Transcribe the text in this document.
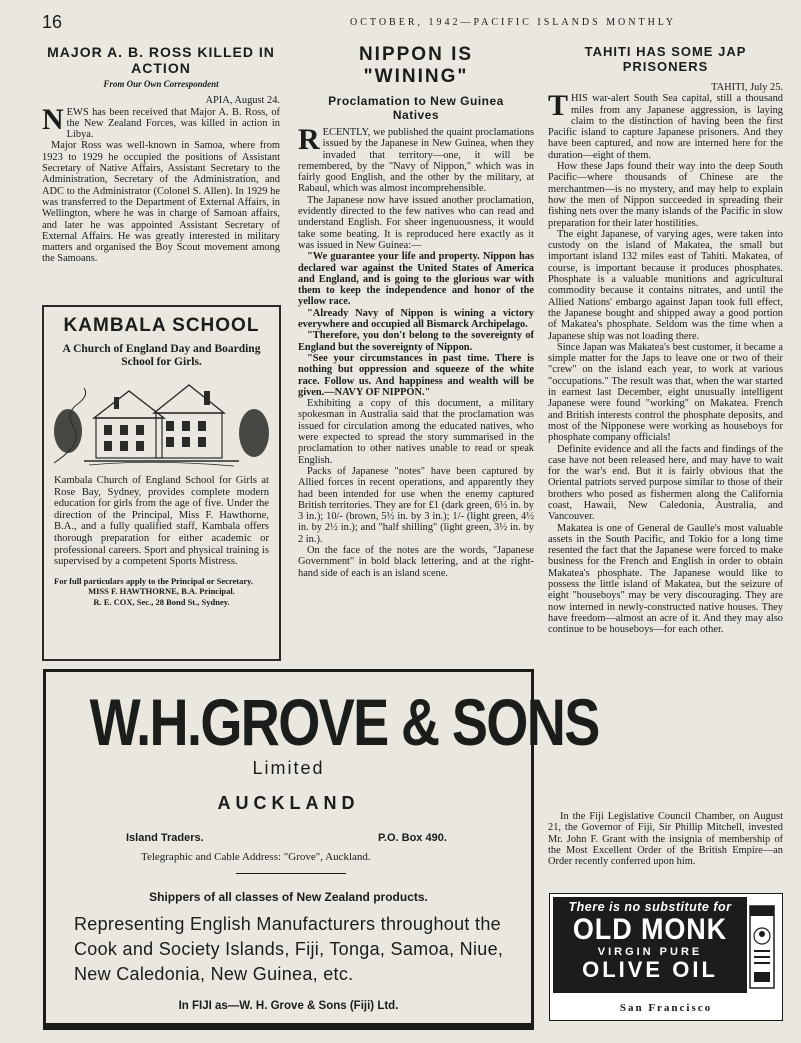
16	OCTOBER, 1942—PACIFIC ISLANDS MONTHLY
MAJOR A. B. ROSS KILLED IN ACTION
From Our Own Correspondent
APIA, August 24.

NEWS has been received that Major A. B. Ross, of the New Zealand Forces, was killed in action in Libya.

Major Ross was well-known in Samoa, where from 1923 to 1929 he occupied the positions of Assistant Secretary of Native Affairs, Assistant Secretary to the Administration, Secretary of the Administration, and ADC to the Administrator (Colonel S. Allen). In 1929 he was transferred to the Department of External Affairs, in Wellington, where he was in charge of Samoan affairs, and later he was appointed Assistant Secretary of External Affairs. He was greatly interested in military matters and organised the Boy Scout movement among the Samoans.

KAMBALA SCHOOL
A Church of England Day and Boarding School for Girls.
Kambala Church of England School for Girls at Rose Bay, Sydney, provides complete modern education for girls from the age of five. Under the direction of the Principal, Miss F. Hawthorne, B.A., and a fully qualified staff, Kambala offers thorough preparation for either academic or professional careers. Sport and physical training is supervised by a competent Sports Mistress.
For full particulars apply to the Principal or Secretary.
MISS F. HAWTHORNE, B.A. Principal.
R. E. COX, Sec., 28 Bond St., Sydney.
NIPPON IS "WINING"
Proclamation to New Guinea Natives

RECENTLY, we published the quaint proclamations issued by the Japanese in New Guinea, when they invaded that territory—one, it will be remembered, by the "Navy of Nippon," which was in fairly good English, and the other by the military, at Rabaul, which was almost incomprehensible.

The Japanese now have issued another proclamation, evidently directed to the few natives who can read and understand English. For sheer ingenuousness, it would take some beating. It is reproduced here exactly as it was issued in New Guinea:—

"We guarantee your life and property. Nippon has declared war against the United States of America and England, and is going to the glorious war with them to keep the independence and honor of the yellow race.

"Already Navy of Nippon is wining a victory everywhere and occupied all Bismarck Archipelago.

"Therefore, you don't belong to the sovereignty of England but the sovereignty of Nippon.

"See your circumstances in past time. There is nothing but oppression and squeeze of the white race. Follow us. And happiness and wealth will be given.—NAVY OF NIPPON."

Exhibiting a copy of this document, a military spokesman in Australia said that the proclamation was issued for circulation among the educated natives, who were expected to spread the story summarised in the proclamation to other natives unable to read or speak English.

Packs of Japanese "notes" have been captured by Allied forces in recent operations, and apparently they had been intended for use when the enemy captured British territories. They are for £1 (dark green, 6½ in. by 3 in.); 10/- (brown, 5½ in. by 3 in.); 1/- (light green, 4½ in. by 2½ in.); and "half shilling" (light green, 3½ in. by 2 in.).

On the face of the notes are the words, "Japanese Government" in bold black lettering, and at the right-hand side of each is an island scene.

TAHITI HAS SOME JAP PRISONERS
TAHITI, July 25.

THIS war-alert South Sea capital, still a thousand miles from any Japanese aggression, is laying claim to the distinction of having been the first Pacific island to capture Japanese prisoners. And they have been captured, and now are interned here for the duration—eight of them.

How these Japs found their way into the deep South Pacific—where thousands of Chinese are the merchantmen—is no mystery, and may help to explain how the men of Nippon succeeded in spreading their fishing nets over the many islands of the Pacific in slow preparation for their later hostilities.

The eight Japanese, of varying ages, were taken into custody on the island of Makatea, the small but important island 132 miles east of Tahiti. Makatea, of course, is important because it produces phosphates. Phosphate is a valuable munitions and agricultural commodity because it contains nitrates, and until the Allied Nations' embargo against Japan took full effect, the Japanese bought and shipped away a good portion of Makatea's phosphate. Seldom was the time when a Japanese ship was not loading there.

Since Japan was Makatea's best customer, it became a simple matter for the Japs to leave one or two of their "crew" on the island each year, to work at various "occupations." The result was that, when the war started in earnest last December, eight unusually intelligent Japanese were found "working" on Makatea. French and British interests control the phosphate deposits, and most of the Nipponese were working as houseboys for phosphate company officials!

Definite evidence and all the facts and findings of the case have not been released here, and may have to wait for the war's end. But it is fairly obvious that the Oriental patriots served purpose similar to those of their brothers who posed as fishermen along the California coast, Hawaii, New Caledonia, Australia, and Vancouver.

Makatea is one of General de Gaulle's most valuable assets in the South Pacific, and Tokio for a long time resented the fact that the Japanese were forced to make business for the French and English in order to obtain Makatea's phosphate. The Japanese would like to possess the little island of Makatea, but the seizure of eight "houseboys" may be very discouraging. They are now interned in newly-constructed native houses. They have freedom—almost an acre of it. And they may also continue to be houseboys—for each other.

In the Fiji Legislative Council Chamber, on August 21, the Governor of Fiji, Sir Phillip Mitchell, invested Mr. John F. Grant with the insignia of membership of the Most Excellent Order of the British Empire—an Order recently conferred upon him.

W.H.GROVE & SONS
Limited
AUCKLAND
Island Traders.	P.O. Box 490.
Telegraphic and Cable Address: "Grove", Auckland.
Shippers of all classes of New Zealand products.
Representing English Manufacturers throughout the Cook and Society Islands, Fiji, Tonga, Samoa, Niue, New Caledonia, New Guinea, etc.
In FIJI as—W. H. Grove & Sons (Fiji) Ltd.
There is no substitute for
OLD MONK
VIRGIN PURE
OLIVE OIL
San Francisco
